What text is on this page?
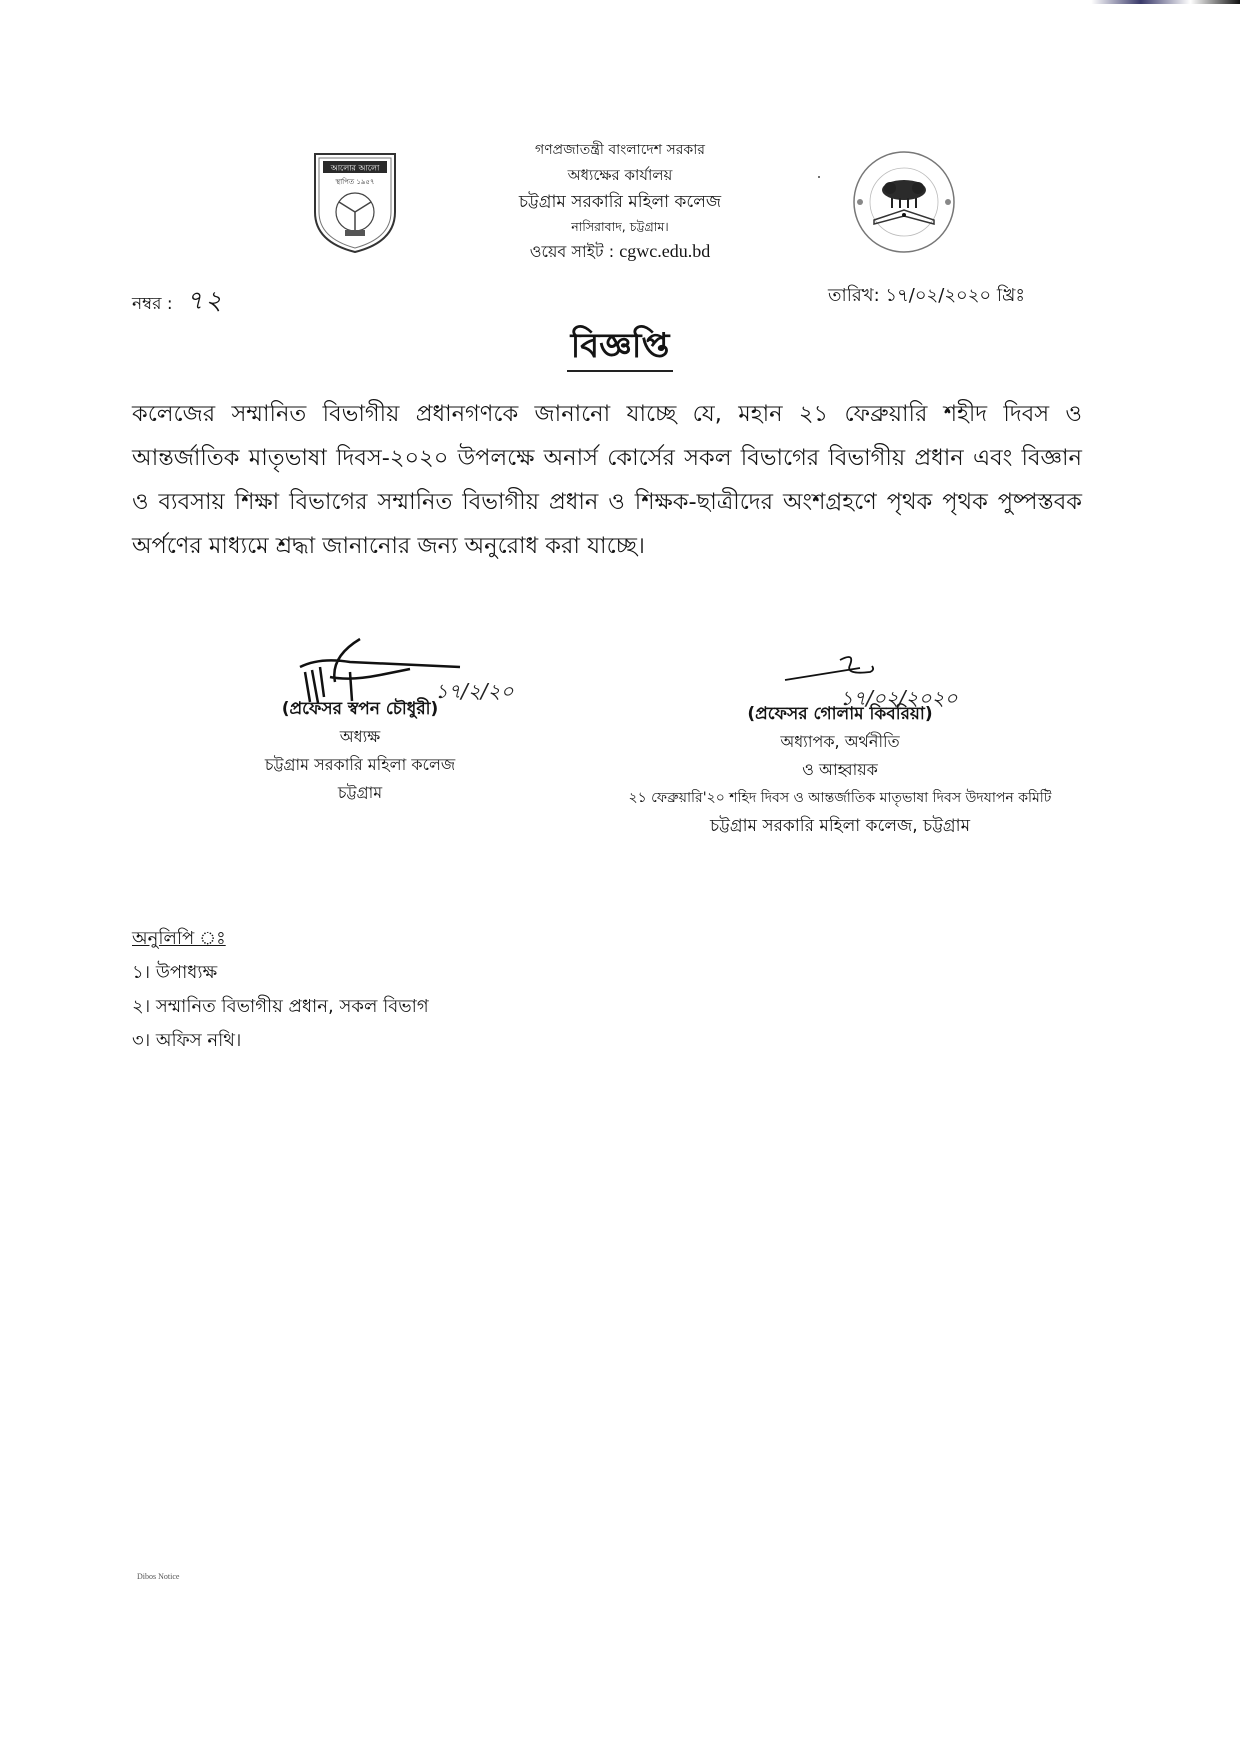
আলোর আলো
স্থাপিত ১৯৫৭
গণপ্রজাতন্ত্রী বাংলাদেশ সরকার
অধ্যক্ষের কার্যালয়
চট্টগ্রাম সরকারি মহিলা কলেজ
নাসিরাবাদ, চট্টগ্রাম।
ওয়েব সাইট : cgwc.edu.bd
নম্বর : ৭২	তারিখ: ১৭/০২/২০২০ খ্রিঃ
বিজ্ঞপ্তি
কলেজের সম্মানিত বিভাগীয় প্রধানগণকে জানানো যাচ্ছে যে, মহান ২১ ফেব্রুয়ারি শহীদ দিবস ও আন্তর্জাতিক মাতৃভাষা দিবস-২০২০ উপলক্ষে অনার্স কোর্সের সকল বিভাগের বিভাগীয় প্রধান এবং বিজ্ঞান ও ব্যবসায় শিক্ষা বিভাগের সম্মানিত বিভাগীয় প্রধান ও শিক্ষক-ছাত্রীদের অংশগ্রহণে পৃথক পৃথক পুষ্পস্তবক অর্পণের মাধ্যমে শ্রদ্ধা জানানোর জন্য অনুরোধ করা যাচ্ছে।
১৭/২/২০
(প্রফেসর স্বপন চৌধুরী)
অধ্যক্ষ
চট্টগ্রাম সরকারি মহিলা কলেজ
চট্টগ্রাম
১৭/০২/২০২০
(প্রফেসর গোলাম কিবরিয়া)
অধ্যাপক, অর্থনীতি
ও আহ্বায়ক
২১ ফেব্রুয়ারি'২০ শহিদ দিবস ও আন্তর্জাতিক মাতৃভাষা দিবস উদযাপন কমিটি
চট্টগ্রাম সরকারি মহিলা কলেজ, চট্টগ্রাম
অনুলিপি ঃ
১। উপাধ্যক্ষ
২। সম্মানিত বিভাগীয় প্রধান, সকল বিভাগ
৩। অফিস নথি।
Dibos Notice
